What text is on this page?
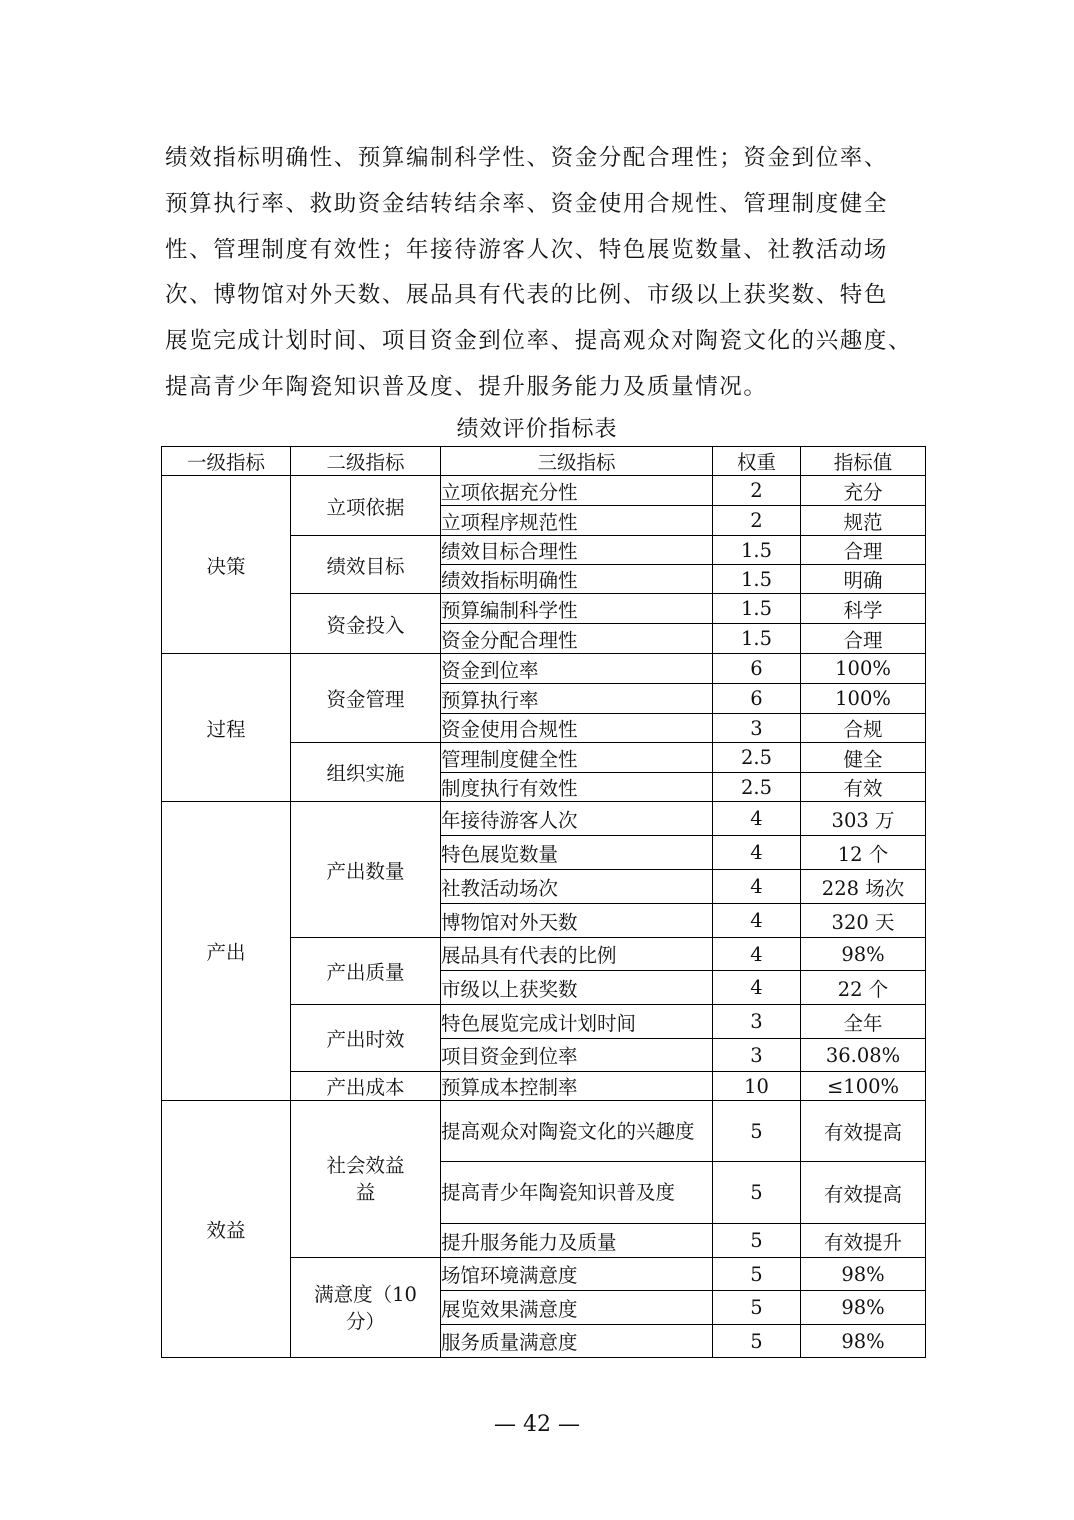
绩效指标明确性、预算编制科学性、资金分配合理性；资金到位率、
预算执行率、救助资金结转结余率、资金使用合规性、管理制度健全
性、管理制度有效性；年接待游客人次、特色展览数量、社教活动场
次、博物馆对外天数、展品具有代表的比例、市级以上获奖数、特色
展览完成计划时间、项目资金到位率、提高观众对陶瓷文化的兴趣度、
提高青少年陶瓷知识普及度、提升服务能力及质量情况。
绩效评价指标表
一级指标	二级指标	三级指标	权重	指标值
决策	立项依据	立项依据充分性	2	充分
		立项程序规范性	2	规范
	绩效目标	绩效目标合理性	1.5	合理
		绩效指标明确性	1.5	明确
	资金投入	预算编制科学性	1.5	科学
		资金分配合理性	1.5	合理
过程	资金管理	资金到位率	6	100%
		预算执行率	6	100%
		资金使用合规性	3	合规
	组织实施	管理制度健全性	2.5	健全
		制度执行有效性	2.5	有效
产出	产出数量	年接待游客人次	4	303 万
		特色展览数量	4	12 个
		社教活动场次	4	228 场次
		博物馆对外天数	4	320 天
	产出质量	展品具有代表的比例	4	98%
		市级以上获奖数	4	22 个
	产出时效	特色展览完成计划时间	3	全年
		项目资金到位率	3	36.08%
	产出成本	预算成本控制率	10	≤100%
效益	社会效益益	提高观众对陶瓷文化的兴趣度	5	有效提高
		提高青少年陶瓷知识普及度	5	有效提高
		提升服务能力及质量	5	有效提升

	满意度（10分）	场馆环境满意度	5	98%
		展览效果满意度	5	98%
		服务质量满意度	5	98%
— 42 —
